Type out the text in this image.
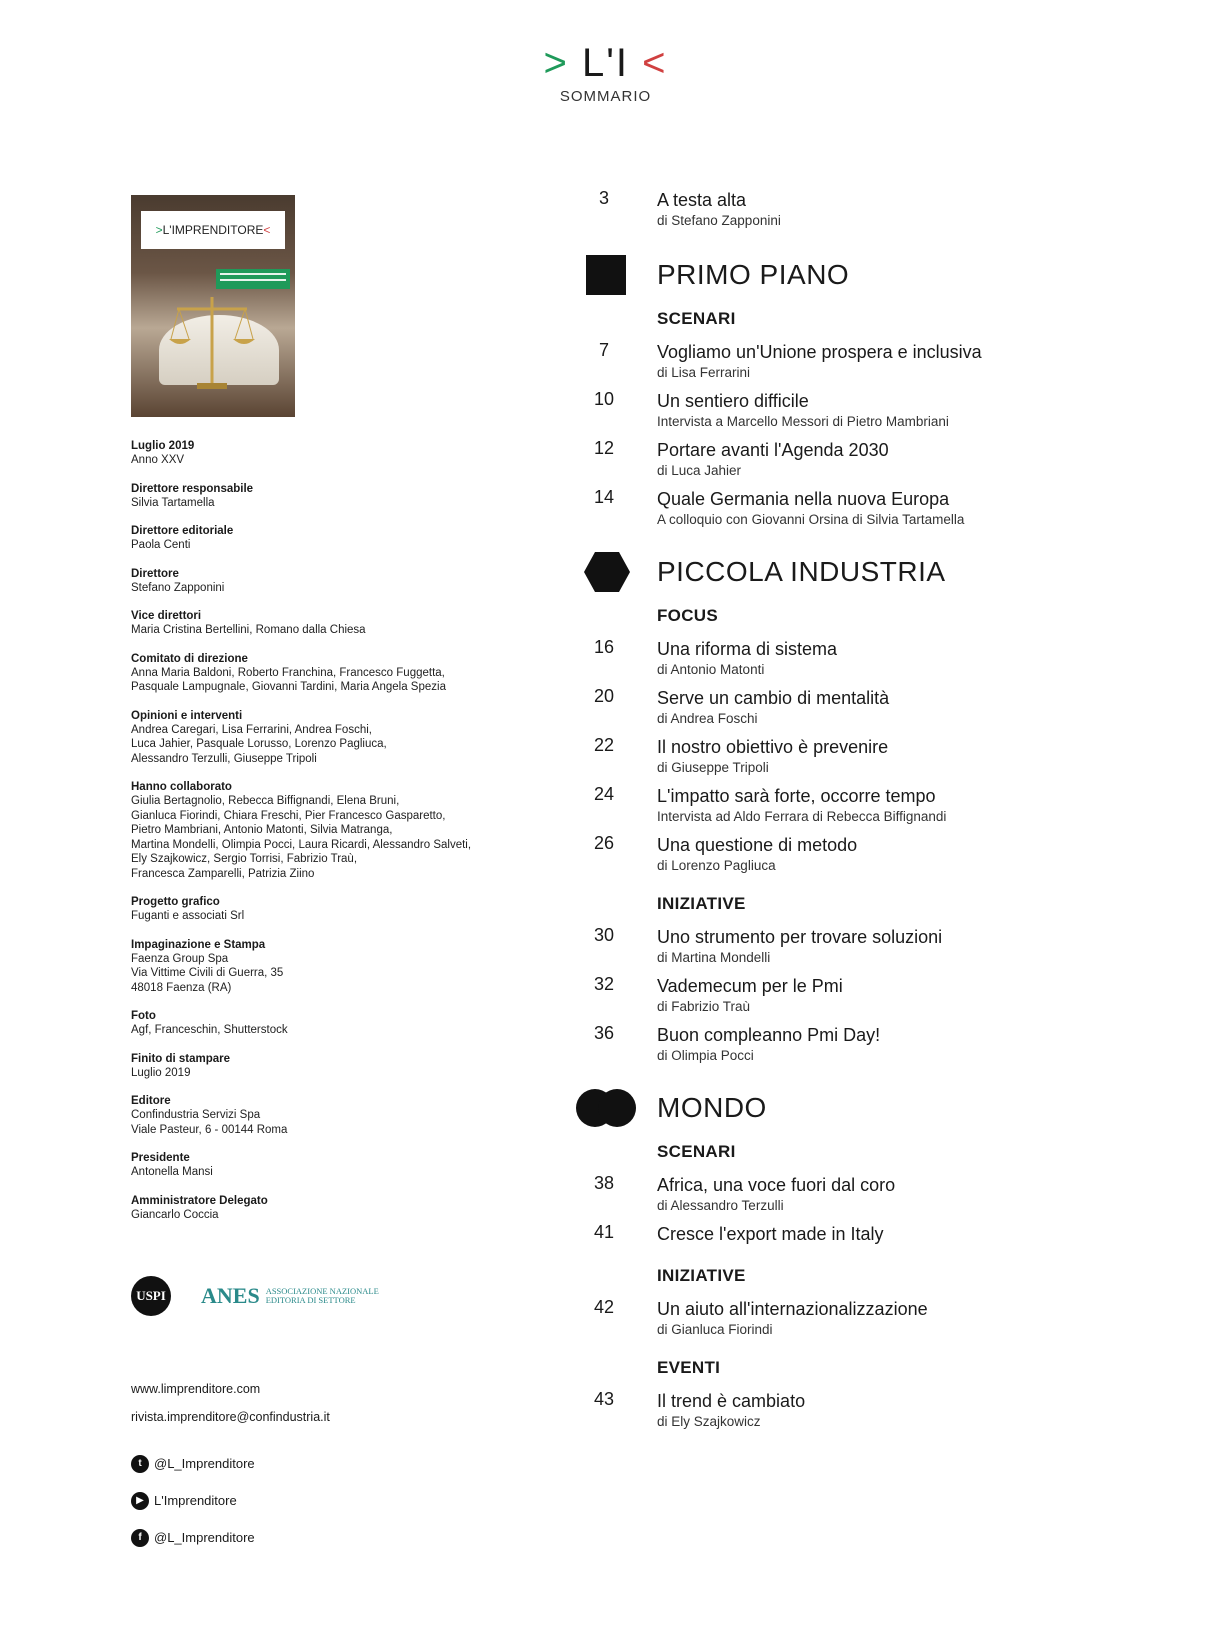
> L'I <
SOMMARIO
>L'IMPRENDITORE<
Luglio 2019
Anno XXV
Direttore responsabile
Silvia Tartamella
Direttore editoriale
Paola Centi
Direttore
Stefano Zapponini
Vice direttori
Maria Cristina Bertellini, Romano dalla Chiesa
Comitato di direzione
Anna Maria Baldoni, Roberto Franchina, Francesco Fuggetta,
Pasquale Lampugnale, Giovanni Tardini, Maria Angela Spezia
Opinioni e interventi
Andrea Caregari, Lisa Ferrarini, Andrea Foschi,
Luca Jahier, Pasquale Lorusso, Lorenzo Pagliuca,
Alessandro Terzulli, Giuseppe Tripoli
Hanno collaborato
Giulia Bertagnolio, Rebecca Biffignandi, Elena Bruni,
Gianluca Fiorindi, Chiara Freschi, Pier Francesco Gasparetto,
Pietro Mambriani, Antonio Matonti, Silvia Matranga,
Martina Mondelli, Olimpia Pocci, Laura Ricardi, Alessandro Salveti,
Ely Szajkowicz, Sergio Torrisi, Fabrizio Traù,
Francesca Zamparelli, Patrizia Ziino
Progetto grafico
Fuganti e associati Srl
Impaginazione e Stampa
Faenza Group Spa
Via Vittime Civili di Guerra, 35
48018 Faenza (RA)
Foto
Agf, Franceschin, Shutterstock
Finito di stampare
Luglio 2019
Editore
Confindustria Servizi Spa
Viale Pasteur, 6 - 00144 Roma
Presidente
Antonella Mansi
Amministratore Delegato
Giancarlo Coccia
USPI ANES ASSOCIAZIONE NAZIONALE
EDITORIA DI SETTORE
www.limprenditore.com
rivista.imprenditore@confindustria.it
t @L_Imprenditore
▶ L'Imprenditore
f @L_Imprenditore
3	A testa alta
di Stefano Zapponini
PRIMO PIANO
SCENARI
7	Vogliamo un'Unione prospera e inclusiva
di Lisa Ferrarini
10	Un sentiero difficile
Intervista a Marcello Messori di Pietro Mambriani
12	Portare avanti l'Agenda 2030
di Luca Jahier
14	Quale Germania nella nuova Europa
A colloquio con Giovanni Orsina di Silvia Tartamella
PICCOLA INDUSTRIA
FOCUS
16	Una riforma di sistema
di Antonio Matonti
20	Serve un cambio di mentalità
di Andrea Foschi
22	Il nostro obiettivo è prevenire
di Giuseppe Tripoli
24	L'impatto sarà forte, occorre tempo
Intervista ad Aldo Ferrara di Rebecca Biffignandi
26	Una questione di metodo
di Lorenzo Pagliuca
INIZIATIVE
30	Uno strumento per trovare soluzioni
di Martina Mondelli
32	Vademecum per le Pmi
di Fabrizio Traù
36	Buon compleanno Pmi Day!
di Olimpia Pocci
MONDO
SCENARI
38	Africa, una voce fuori dal coro
di Alessandro Terzulli
41	Cresce l'export made in Italy
INIZIATIVE
42	Un aiuto all'internazionalizzazione
di Gianluca Fiorindi
EVENTI
43	Il trend è cambiato
di Ely Szajkowicz
